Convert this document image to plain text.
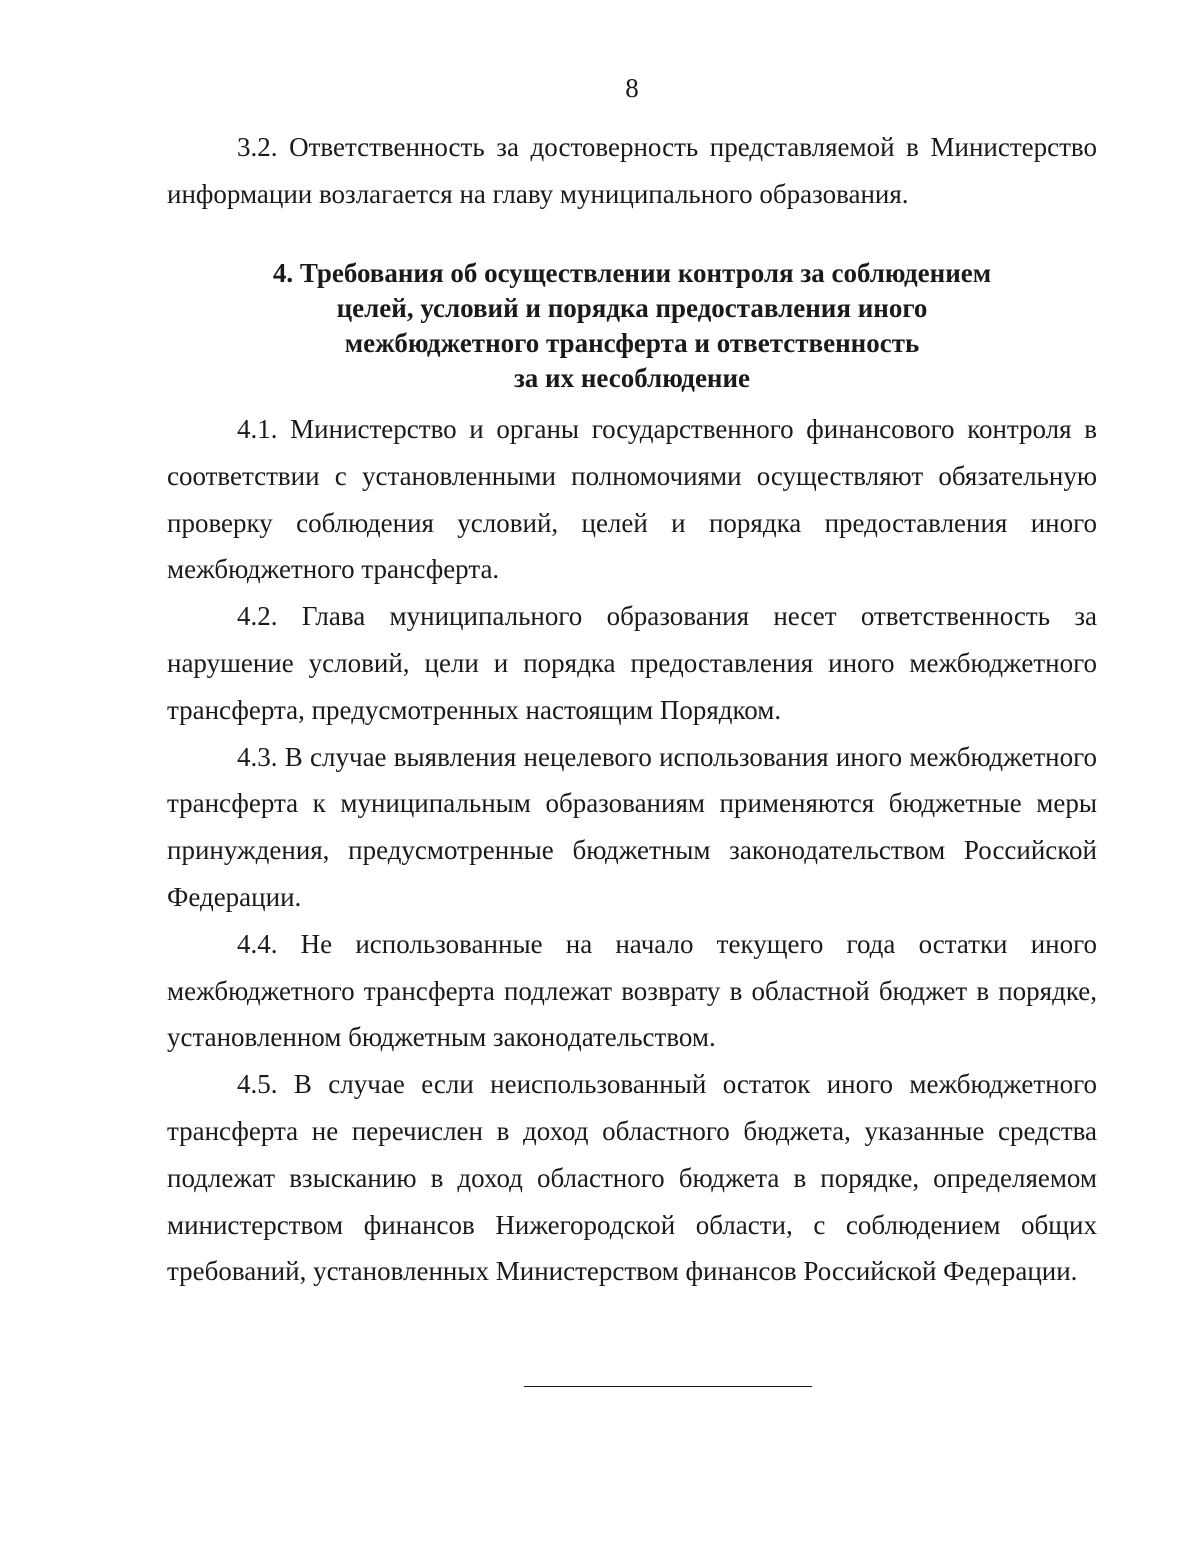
8

3.2. Ответственность за достоверность представляемой в Министерство информации возлагается на главу муниципального образования.

4. Требования об осуществлении контроля за соблюдением
целей, условий и порядка предоставления иного
межбюджетного трансферта и ответственность
за их несоблюдение

4.1. Министерство и органы государственного финансового контроля в соответствии с установленными полномочиями осуществляют обязательную проверку соблюдения условий, целей и порядка предоставления иного межбюджетного трансферта.

4.2. Глава муниципального образования несет ответственность за нарушение условий, цели и порядка предоставления иного межбюджетного трансферта, предусмотренных настоящим Порядком.

4.3. В случае выявления нецелевого использования иного межбюджетного трансферта к муниципальным образованиям применяются бюджетные меры принуждения, предусмотренные бюджетным законодательством Российской Федерации.

4.4. Не использованные на начало текущего года остатки иного межбюджетного трансферта подлежат возврату в областной бюджет в порядке, установленном бюджетным законодательством.

4.5. В случае если неиспользованный остаток иного межбюджетного трансферта не перечислен в доход областного бюджета, указанные средства подлежат взысканию в доход областного бюджета в порядке, определяемом министерством финансов Нижегородской области, с соблюдением общих требований, установленных Министерством финансов Российской Федерации.
